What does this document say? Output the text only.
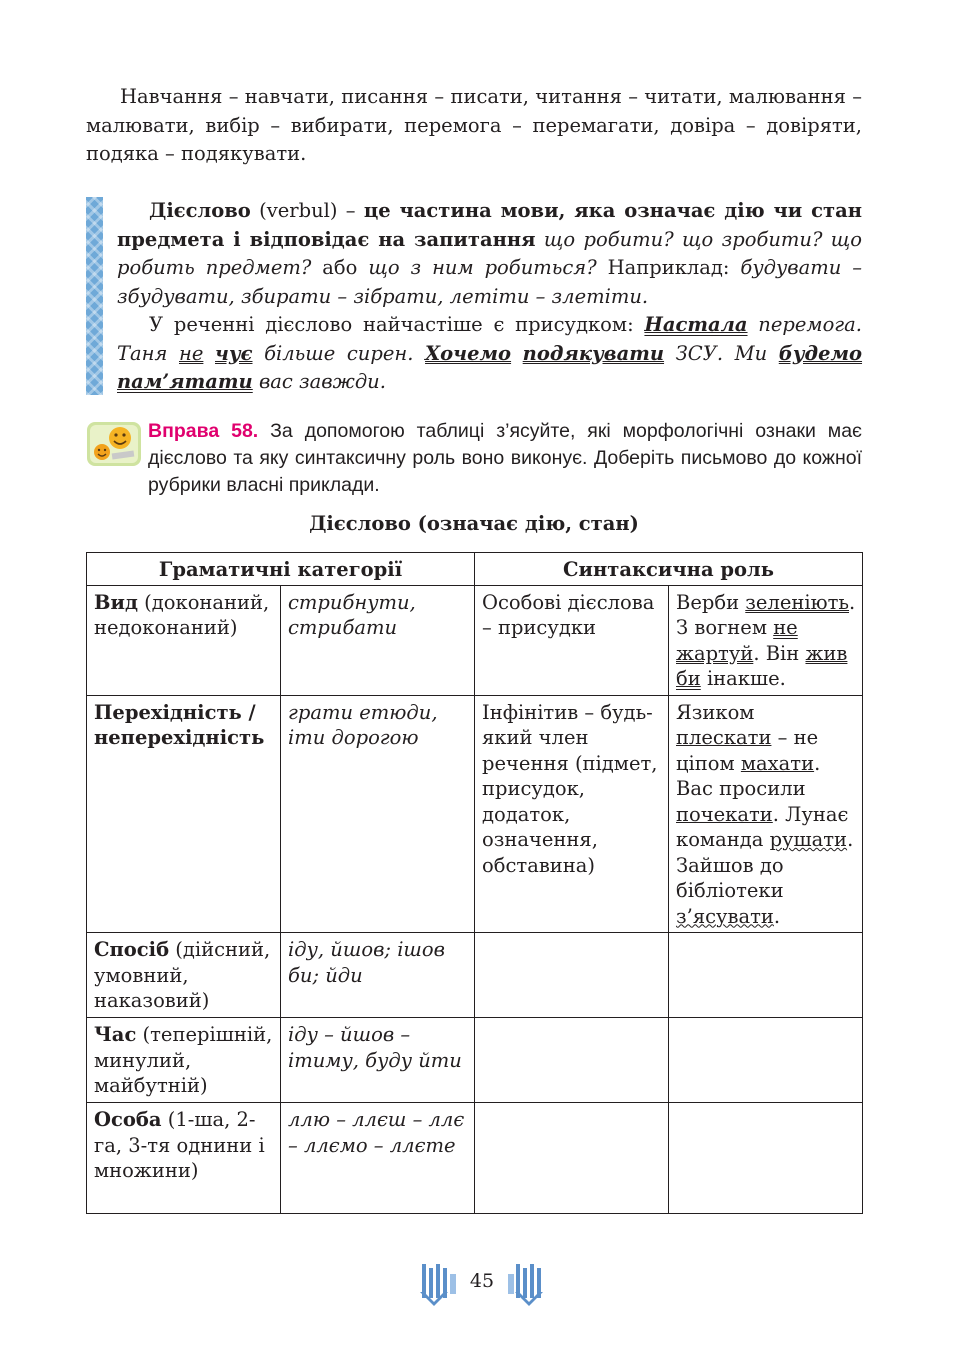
Навчання – навчати, писання – писати, читання – читати, малювання – малювати, вибір – вибирати, перемога – перемагати, довіра – довіряти, подяка – подякувати.

Дієслово (verbul) – це частина мови, яка означає дію чи стан предмета і відповідає на запитання що робити? що зробити? що робить предмет? або що з ним робиться? Наприклад: будувати – збудувати, збирати – зібрати, летіти – злетіти.

У реченні дієслово найчастіше є присудком: Настала перемога. Таня не чує більше сирен. Хочемо подякувати ЗСУ. Ми будемо пам’ятати вас завжди.

Вправа 58. За допомогою таблиці з’ясуйте, які морфологічні ознаки має дієслово та яку синтаксичну роль воно виконує. Доберіть письмово до кожної рубрики власні приклади.
Дієслово (означає дію, стан)
Граматичні категорії		Синтаксична роль	
Вид (доконаний, недоконаний)	стрибнути, стрибати	Особові дієслова – присудки	Верби зеленіють. З вогнем не жартуй. Він жив би інакше.
Перехідність / неперехідність	грати етюди, іти дорогою	Інфінітив – будь-який член речення (підмет, присудок, додаток, означення, обставина)	Язиком плескати – не ціпом махати. Вас просили почекати. Лунає команда рушати. Зайшов до бібліотеки з’ясувати.
Спосіб (дійсний, умовний, наказовий)	іду, йшов; ішов би; йди		
Час (теперішній, минулий, майбутній)	іду – йшов – ітиму, буду йти		
Особа (1-ша, 2-га, 3-тя однини і множини)	ллю – ллєш – ллє – ллємо – ллєте		
45
